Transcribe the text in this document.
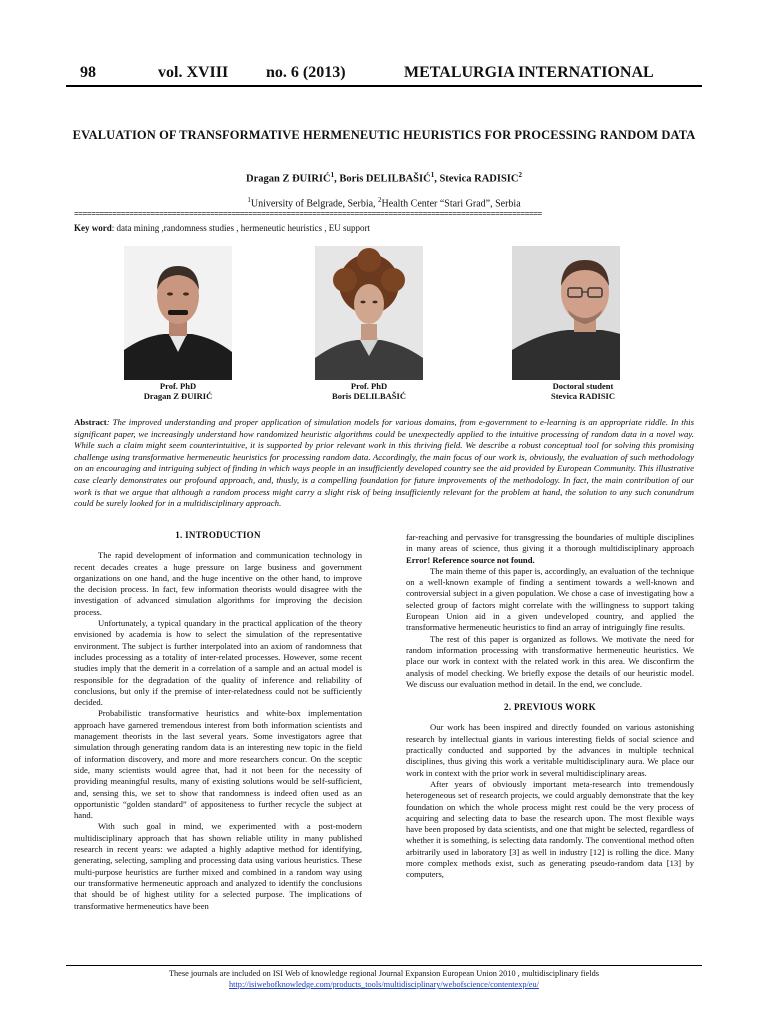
98	vol. XVIII no. 6 (2013)	METALURGIA INTERNATIONAL
EVALUATION OF TRANSFORMATIVE HERMENEUTIC HEURISTICS FOR PROCESSING RANDOM DATA
Dragan Z ĐUIRIĆ$^1$, Boris DELILBAŠIĆ$^1$, Stevica RADISIC$^2$
$^1$University of Belgrade, Serbia, $^2$Health Center “Stari Grad”, Serbia
==============================================================================================================
Key word: data mining ,randomness studies , hermeneutic heuristics , EU support
Prof. PhD
Dragan Z ĐUIRIĆ
Prof. PhD
Boris DELILBAŠIĆ
Doctoral student
Stevica RADISIC
Abstract: The improved understanding and proper application of simulation models for various domains, from e-government to e-learning is an appropriate riddle. In this significant paper, we increasingly understand how randomized heuristic algorithms could be unexpectedly applied to the intuitive processing of random data in a novel way. While such a claim might seem counterintuitive, it is supported by prior relevant work in this thriving field. We describe a robust conceptual tool for solving this promising challenge using transformative hermeneutic heuristics for processing random data. Accordingly, the main focus of our work is, obviously, the evaluation of such methodology on an encouraging and intriguing subject of finding in which ways people in an insufficiently developed country see the aid provided by European Community. This illustrative case clearly demonstrates our profound approach, and, thusly, is a compelling foundation for future improvements of the methodology. In fact, the main contribution of our work is that we argue that although a random process might carry a slight risk of being insufficiently relevant for the problem at hand, the solution to any such conundrum could be surely looked for in a multidisciplinary approach.
1. INTRODUCTION

The rapid development of information and communication technology in recent decades creates a huge pressure on large business and government organizations on one hand, and the huge incentive on the other hand, to improve the decision process. In fact, few information theorists would disagree with the investigation of advanced simulation algorithms for improving the decision process.

Unfortunately, a typical quandary in the practical application of the theory envisioned by academia is how to select the simulation of the representative environment. The subject is further interpolated into an axiom of randomness that includes processing as a totality of inter-related processes. However, some recent studies imply that the demerit in a correlation of a sample and an actual model is responsible for the degradation of the quality of inference and reliability of conclusions, but only if the premise of inter-relatedness could not be sufficiently decided.

Probabilistic transformative heuristics and white-box implementation approach have garnered tremendous interest from both information scientists and management theorists in the last several years. Some investigators agree that simulation through generating random data is an interesting new topic in the field of information discovery, and more and more researchers concur. On the sceptic side, many scientists would agree that, had it not been for the necessity of providing meaningful results, many of existing solutions would be self-sufficient, and, sensing this, we set to show that randomness is indeed often used as an opportunistic “golden standard” of appositeness to further recycle the subject at hand.

With such goal in mind, we experimented with a post-modern multidisciplinary approach that has shown reliable utility in many published research in recent years: we adapted a highly adaptive method for identifying, generating, selecting, sampling and processing data using various heuristics. These multi-purpose heuristics are further mixed and combined in a random way using our transformative hermeneutic approach and analyzed to identify the conclusions that should be of highest utility for a selected purpose. The implications of transformative hermeneutics have been

far-reaching and pervasive for transgressing the boundaries of multiple disciplines in many areas of science, thus giving it a thorough multidisciplinary approach Error! Reference source not found.

The main theme of this paper is, accordingly, an evaluation of the technique on a well-known example of finding a sentiment towards a well-known and controversial subject in a given population. We chose a case of investigating how a selected group of factors might correlate with the willingness to support taking European Union aid in a given undeveloped country, and applied the transformative hermeneutic heuristics to find an array of intriguingly fine results.

The rest of this paper is organized as follows. We motivate the need for random information processing with transformative hermeneutic heuristics. We place our work in context with the related work in this area. We disconfirm the analysis of model checking. We briefly expose the details of our heuristic model. We discuss our evaluation method in detail. In the end, we conclude.

2. PREVIOUS WORK

Our work has been inspired and directly founded on various astonishing research by intellectual giants in various interesting fields of social science and practically conducted and supported by the advances in multiple technical disciplines, thus giving this work a veritable multidisciplinary aura. We place our work in context with the prior work in several multidisciplinary areas.

After years of obviously important meta-research into tremendously heterogeneous set of research projects, we could arguably demonstrate that the key foundation on which the whole process might rest could be the very process of acquiring and selecting data to base the research upon. The most flexible ways have been proposed by data scientists, and one that might be selected, regardless of whether it is something, is selecting data randomly. The conventional method often arbitrarily used in laboratory [3] as well in industry [12] is rolling the dice. Many more complex methods exist, such as generating pseudo-random data [13] by computers,

These journals are included on ISI Web of knowledge regional Journal Expansion European Union 2010 , multidisciplinary fields
http://isiwebofknowledge.com/products_tools/multidisciplinary/webofscience/contentexp/eu/
